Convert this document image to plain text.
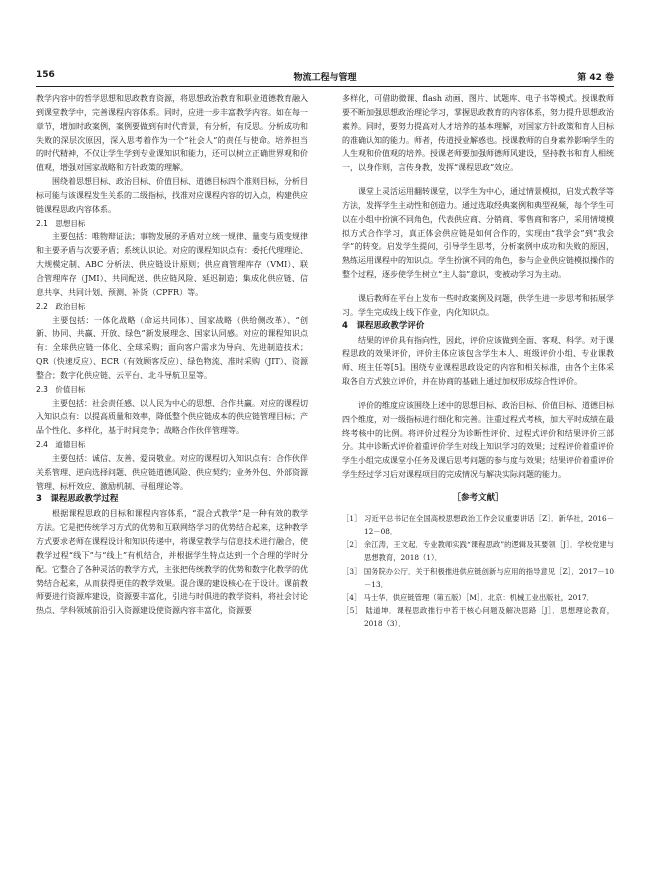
156	物流工程与管理	第 42 卷

教学内容中的哲学思想和思政教育资源，将思想政治教育和职业道德教育融入到课堂教学中，完善课程内容体系。同时，应进一步丰富教学内容。如在每一章节，增加时政案例，案例要做到有时代背景，有分析，有反思。分析成功和失败的深层次原因，深入思考着作为一个“社会人”的责任与使命。培养担当的时代精神，不仅让学生学到专业课知识和能力，还可以树立正确世界观和价值观，增强对国家战略和方针政策的理解。

围绕着思想目标、政治目标、价值目标、道德目标四个准则目标，分析目标可能与该课程发生关系的二级指标，找准对应课程内容的切入点，构建供应链课程思政内容体系。

2.1　思想目标

主要包括：唯物辩证法；事物发展的矛盾对立统一规律、量变与质变规律和主要矛盾与次要矛盾；系统认识论。对应的课程知识点有：委托代理理论、大规模定制、ABC 分析法、供应链设计原则；供应商管理库存（VMI）、联合管理库存（JMI）、共同配送、供应链风险、延迟制造；集成化供应链、信息共享、共同计划、预测、补货（CPFR）等。

2.2　政治目标

主要包括：一体化战略（命运共同体）、国家战略（供给侧改革）、“创新、协同、共赢、开放、绿色”新发展理念、国家认同感。对应的课程知识点有：全球供应链一体化、全球采购；面向客户需求为导向、先进制造技术；QR（快速反应）、ECR（有效顾客反应）、绿色物流、准时采购（JIT）、资源整合；数字化供应链、云平台、北斗导航卫星等。

2.3　价值目标

主要包括：社会责任感、以人民为中心的思想、合作共赢。对应的课程切入知识点有：以提高质量和效率，降低整个供应链成本的供应链管理目标；产品个性化、多样化，基于时间竞争；战略合作伙伴管理等。

2.4　道德目标

主要包括：诚信、友善、爱岗敬业。对应的课程切入知识点有：合作伙伴关系管理、逆向选择问题、供应链道德风险、供应契约；业务外包、外部资源管理、标杆效应、激励机制、寻租理论等。

3　课程思政教学过程

根据课程思政的目标和课程内容体系，“混合式教学”是一种有效的教学方法。它是把传统学习方式的优势和互联网络学习的优势结合起来，这种教学方式要求老师在课程设计和知识传递中，将课堂教学与信息技术进行融合，使教学过程“线下”与“线上”有机结合，并根据学生特点达到一个合理的学时分配。它整合了各种灵活的教学方式，主张把传统教学的优势和数字化教学的优势结合起来，从而获得更佳的教学效果。混合课的建设核心在于设计。课前教师要进行资源库建设，资源要丰富化，引进与时俱进的教学资料，将社会讨论热点、学科领域前沿引入资源建设使资源内容丰富化，资源要

多样化，可借助微课、flash 动画、图片、试题库、电子书等模式。授课教师要不断加强思想政治理论学习，掌握思政教育的内容体系，努力提升思想政治素养。同时，要努力提高对人才培养的基本理解，对国家方针政策和育人目标的准确认知的能力。师者，传道授业解惑也。授课教师的自身素养影响学生的人生观和价值观的培养。授课老师要加强师德师风建设，坚持教书和育人相统一，以身作则，言传身教，发挥“课程思政”效应。

课堂上灵活运用翻转课堂，以学生为中心，通过情景模拟，启发式教学等方法，发挥学生主动性和创造力。通过选取经典案例和典型视频，每个学生可以在小组中扮演不同角色，代表供应商、分销商、零售商和客户，采用情境模拟方式合作学习，真正体会供应链是如何合作的，实现由“我学会”到“我会学”的转变。启发学生提问，引导学生思考，分析案例中成功和失败的原因，熟练运用课程中的知识点。学生扮演不同的角色，参与企业供应链模拟操作的整个过程，逐步使学生树立“主人翁”意识，变被动学习为主动。

课后教师在平台上发布一些时政案例及问题，供学生进一步思考和拓展学习。学生完成线上线下作业，内化知识点。

4　课程思政教学评价

结果的评价具有指向性，因此，评价应该做到全面、客观、科学。对于课程思政的效果评价，评价主体应该包含学生本人、班级评价小组、专业课教师、班主任等[5]。围绕专业课程思政设定的内容和相关标准，由各个主体采取各自方式独立评价，并在协商的基础上通过加权形成综合性评价。

评价的维度应该围绕上述中的思想目标、政治目标、价值目标、道德目标四个维度，对一级指标进行细化和完善。注重过程式考核，加大平时成绩在最终考核中的比例。将评价过程分为诊断性评价、过程式评价和结果评价三部分。其中诊断式评价着重评价学生对线上知识学习的效果；过程评价着重评价学生小组完成课堂小任务及课后思考问题的参与度与效果；结果评价着重评价学生经过学习后对课程项目的完成情况与解决实际问题的能力。

［参考文献］

［1］ 习近平总书记在全国高校思想政治工作会议重要讲话［Z］．新华社，2016－12－08．

［2］ 余江涛，王文起．专业教师实践“课程思政”的逻辑及其要领［J］．学校党建与思想教育，2018（1）．

［3］ 国务院办公厅．关于积极推进供应链创新与应用的指导意见［Z］．2017－10－13．

［4］ 马士华．供应链管理（第五版）［M］．北京：机械工业出版社，2017．

［5］ 陆道坤．课程思政推行中若干核心问题及解决思路［J］．思想理论教育，2018（3）．
